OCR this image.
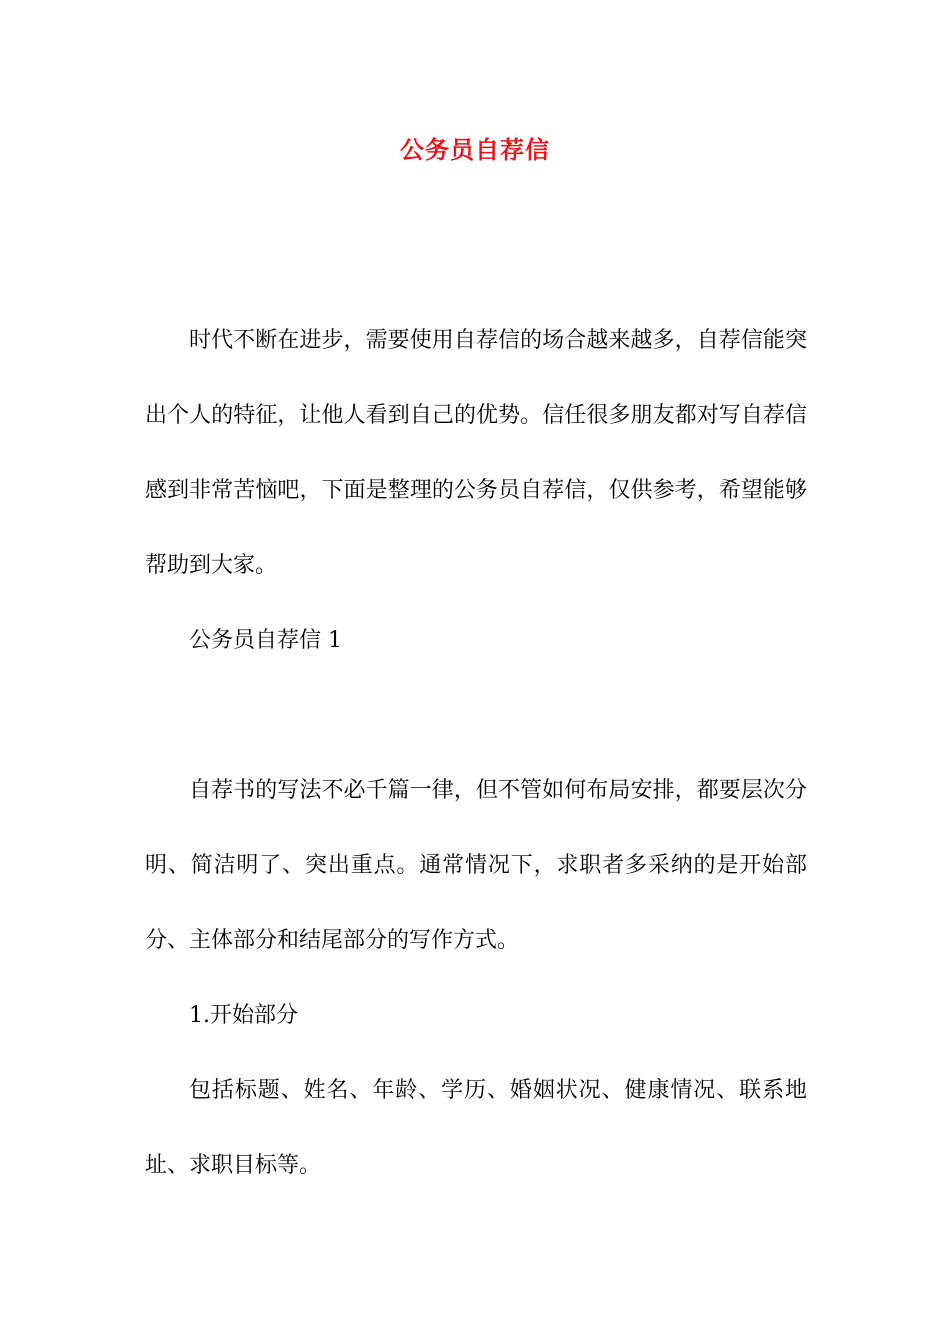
公务员自荐信

时代不断在进步，需要使用自荐信的场合越来越多，自荐信能突出个人的特征，让他人看到自己的优势。信任很多朋友都对写自荐信感到非常苦恼吧，下面是整理的公务员自荐信，仅供参考，希望能够帮助到大家。

公务员自荐信 1

自荐书的写法不必千篇一律，但不管如何布局安排，都要层次分明、简洁明了、突出重点。通常情况下，求职者多采纳的是开始部分、主体部分和结尾部分的写作方式。

1.开始部分

包括标题、姓名、年龄、学历、婚姻状况、健康情况、联系地址、求职目标等。
